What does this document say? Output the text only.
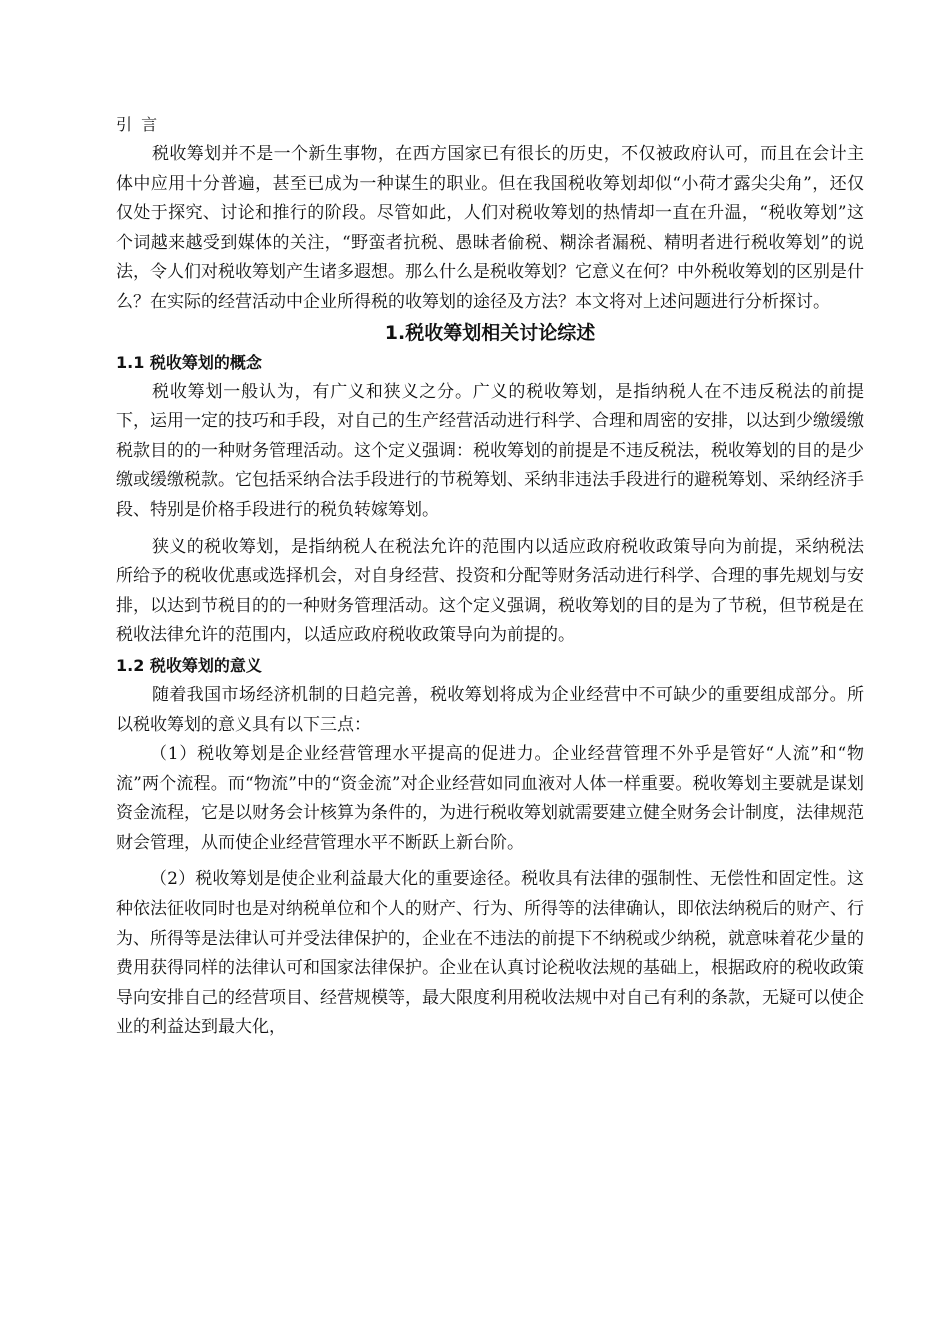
引 言

税收筹划并不是一个新生事物，在西方国家已有很长的历史，不仅被政府认可，而且在会计主体中应用十分普遍，甚至已成为一种谋生的职业。但在我国税收筹划却似“小荷才露尖尖角”，还仅仅处于探究、讨论和推行的阶段。尽管如此，人们对税收筹划的热情却一直在升温，“税收筹划”这个词越来越受到媒体的关注，“野蛮者抗税、愚昧者偷税、糊涂者漏税、精明者进行税收筹划”的说法，令人们对税收筹划产生诸多遐想。那么什么是税收筹划？它意义在何？中外税收筹划的区别是什么？在实际的经营活动中企业所得税的收筹划的途径及方法？本文将对上述问题进行分析探讨。

1.税收筹划相关讨论综述

1.1 税收筹划的概念

税收筹划一般认为，有广义和狭义之分。广义的税收筹划，是指纳税人在不违反税法的前提下，运用一定的技巧和手段，对自己的生产经营活动进行科学、合理和周密的安排，以达到少缴缓缴税款目的的一种财务管理活动。这个定义强调：税收筹划的前提是不违反税法，税收筹划的目的是少缴或缓缴税款。它包括采纳合法手段进行的节税筹划、采纳非违法手段进行的避税筹划、采纳经济手段、特别是价格手段进行的税负转嫁筹划。

狭义的税收筹划，是指纳税人在税法允许的范围内以适应政府税收政策导向为前提，采纳税法所给予的税收优惠或选择机会，对自身经营、投资和分配等财务活动进行科学、合理的事先规划与安排，以达到节税目的的一种财务管理活动。这个定义强调，税收筹划的目的是为了节税，但节税是在税收法律允许的范围内，以适应政府税收政策导向为前提的。

1.2 税收筹划的意义

随着我国市场经济机制的日趋完善，税收筹划将成为企业经营中不可缺少的重要组成部分。所以税收筹划的意义具有以下三点：

（1）税收筹划是企业经营管理水平提高的促进力。企业经营管理不外乎是管好“人流”和“物流”两个流程。而“物流”中的“资金流”对企业经营如同血液对人体一样重要。税收筹划主要就是谋划资金流程，它是以财务会计核算为条件的，为进行税收筹划就需要建立健全财务会计制度，法律规范财会管理，从而使企业经营管理水平不断跃上新台阶。

（2）税收筹划是使企业利益最大化的重要途径。税收具有法律的强制性、无偿性和固定性。这种依法征收同时也是对纳税单位和个人的财产、行为、所得等的法律确认，即依法纳税后的财产、行为、所得等是法律认可并受法律保护的，企业在不违法的前提下不纳税或少纳税，就意味着花少量的费用获得同样的法律认可和国家法律保护。企业在认真讨论税收法规的基础上，根据政府的税收政策导向安排自己的经营项目、经营规模等，最大限度利用税收法规中对自己有利的条款，无疑可以使企业的利益达到最大化，
